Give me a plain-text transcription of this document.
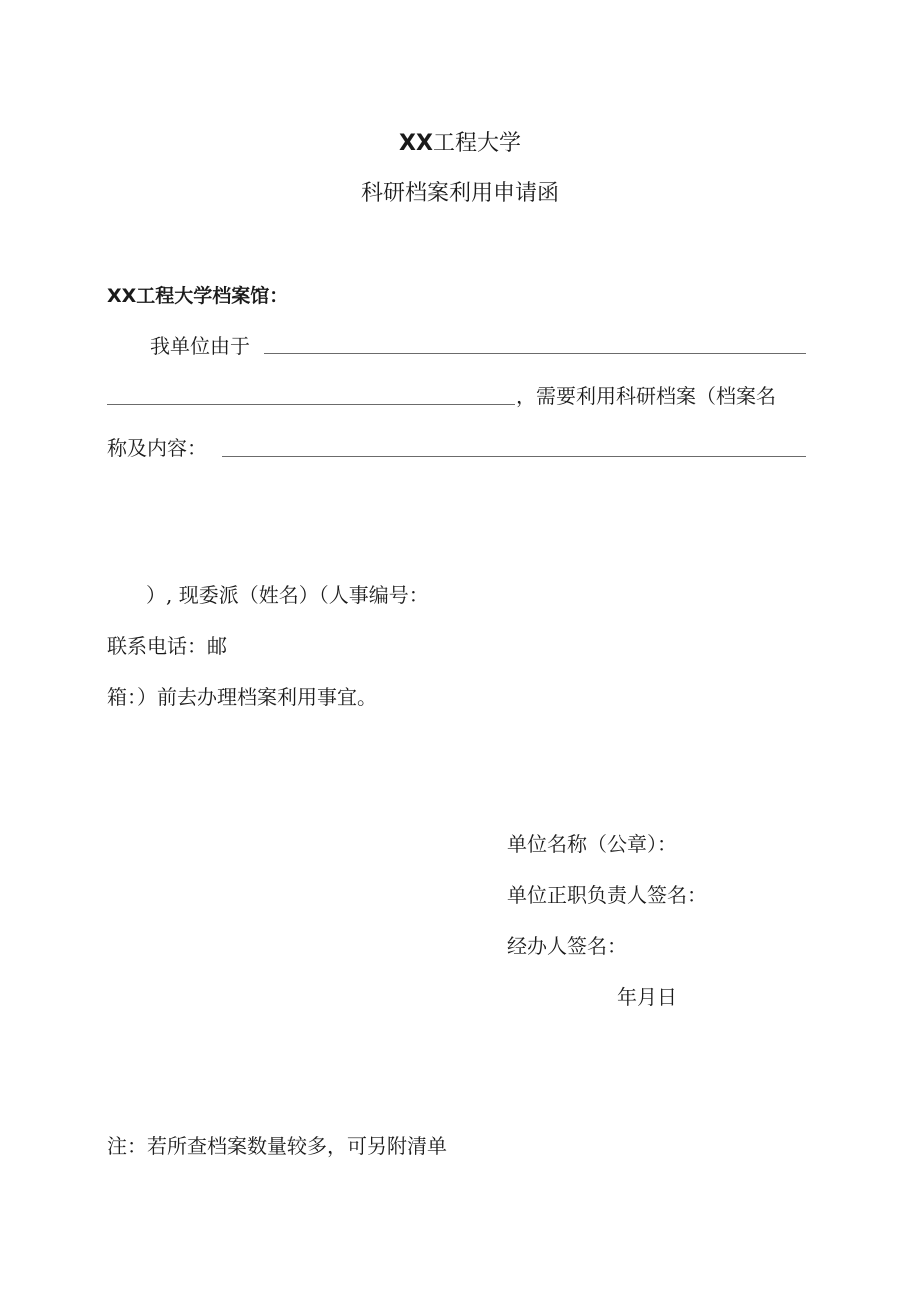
XX工程大学
科研档案利用申请函
XX工程大学档案馆：
我单位由于
，需要利用科研档案（档案名
称及内容：
）, 现委派（姓名）（人事编号：
联系电话：邮
箱：）前去办理档案利用事宜。
单位名称（公章）：
单位正职负责人签名：
经办人签名：
年月日
注：若所查档案数量较多，可另附清单
